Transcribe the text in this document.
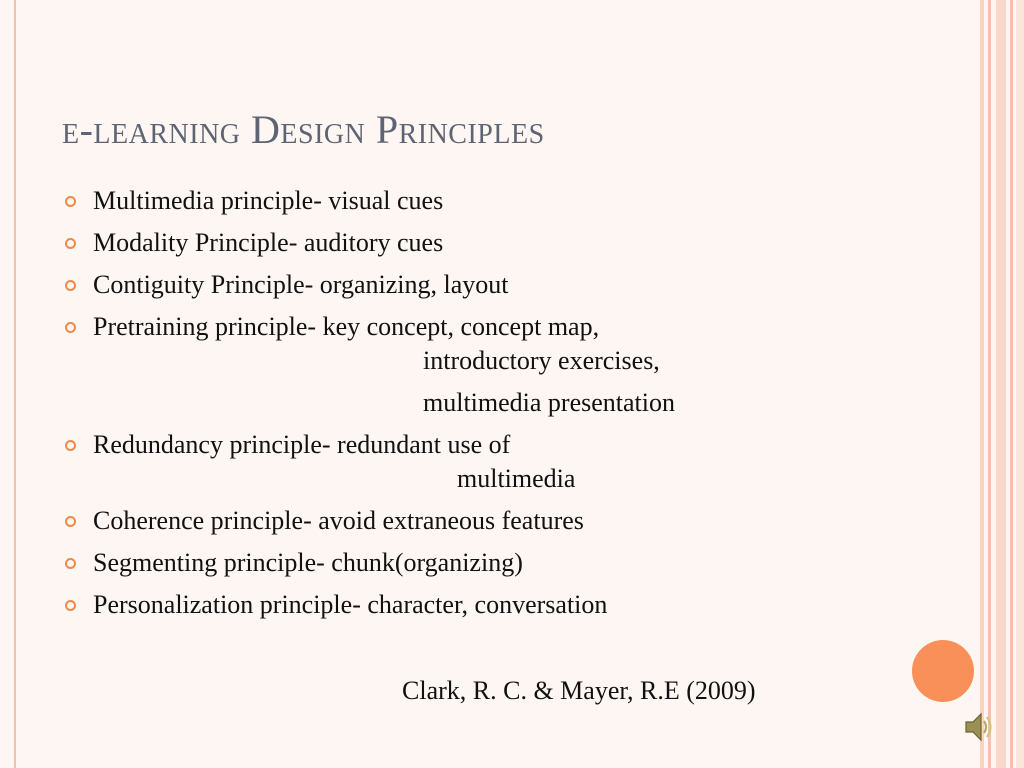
e-learning Design Principles
Multimedia principle- visual cues
Modality Principle- auditory cues
Contiguity Principle- organizing, layout
Pretraining principle- key concept, concept map,
introductory exercises,
multimedia presentation
Redundancy principle- redundant use of
multimedia
Coherence principle- avoid extraneous features
Segmenting principle- chunk(organizing)
Personalization principle- character, conversation
Clark, R. C. & Mayer, R.E (2009)
